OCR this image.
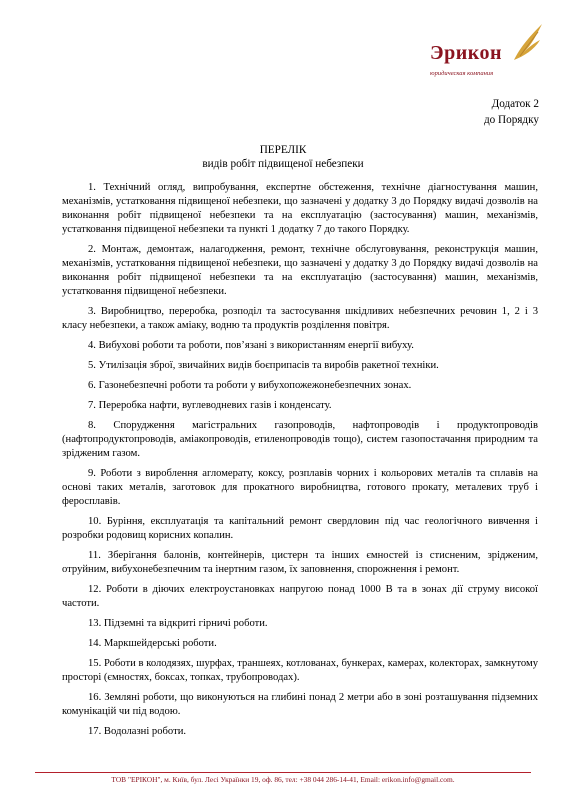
Эрикон
юридическая компания
Додаток 2
до Порядку
ПЕРЕЛІК
видів робіт підвищеної небезпеки

1. Технічний огляд, випробування, експертне обстеження, технічне діагностування машин, механізмів, устатковання підвищеної небезпеки, що зазначені у додатку 3 до Порядку видачі дозволів на виконання робіт підвищеної небезпеки та на експлуатацію (застосування) машин, механізмів, устатковання підвищеної небезпеки та пункті 1 додатку 7 до такого Порядку.

2. Монтаж, демонтаж, налагодження, ремонт, технічне обслуговування, реконструкція машин, механізмів, устатковання підвищеної небезпеки, що зазначені у додатку 3 до Порядку видачі дозволів на виконання робіт підвищеної небезпеки та на експлуатацію (застосування) машин, механізмів, устатковання підвищеної небезпеки.

3. Виробництво, переробка, розподіл та застосування шкідливих небезпечних речовин 1, 2 і 3 класу небезпеки, а також аміаку, водню та продуктів розділення повітря.

4. Вибухові роботи та роботи, пов’язані з використанням енергії вибуху.

5. Утилізація зброї, звичайних видів боєприпасів та виробів ракетної техніки.

6. Газонебезпечні роботи та роботи у вибухопожежонебезпечних зонах.

7. Переробка нафти, вуглеводневих газів і конденсату.

8. Спорудження магістральних газопроводів, нафтопроводів і продуктопроводів (нафтопродуктопроводів, аміакопроводів, етиленопроводів тощо), систем газопостачання природним та зрідженим газом.

9. Роботи з вироблення агломерату, коксу, розплавів чорних і кольорових металів та сплавів на основі таких металів, заготовок для прокатного виробництва, готового прокату, металевих труб і феросплавів.

10. Буріння, експлуатація та капітальний ремонт свердловин під час геологічного вивчення і розробки родовищ корисних копалин.

11. Зберігання балонів, контейнерів, цистерн та інших ємностей із стисненим, зрідженим, отруйним, вибухонебезпечним та інертним газом, їх заповнення, спорожнення і ремонт.

12. Роботи в діючих електроустановках напругою понад 1000 В та в зонах дії струму високої частоти.

13. Підземні та відкриті гірничі роботи.

14. Маркшейдерські роботи.

15. Роботи в колодязях, шурфах, траншеях, котлованах, бункерах, камерах, колекторах, замкнутому просторі (ємностях, боксах, топках, трубопроводах).

16. Земляні роботи, що виконуються на глибині понад 2 метри або в зоні розташування підземних комунікацій чи під водою.

17. Водолазні роботи.

ТОВ "ЕРІКОН", м. Київ, бул. Лесі Українки 19, оф. 86, тел: +38 044 286-14-41, Email: erikon.info@gmail.com.
